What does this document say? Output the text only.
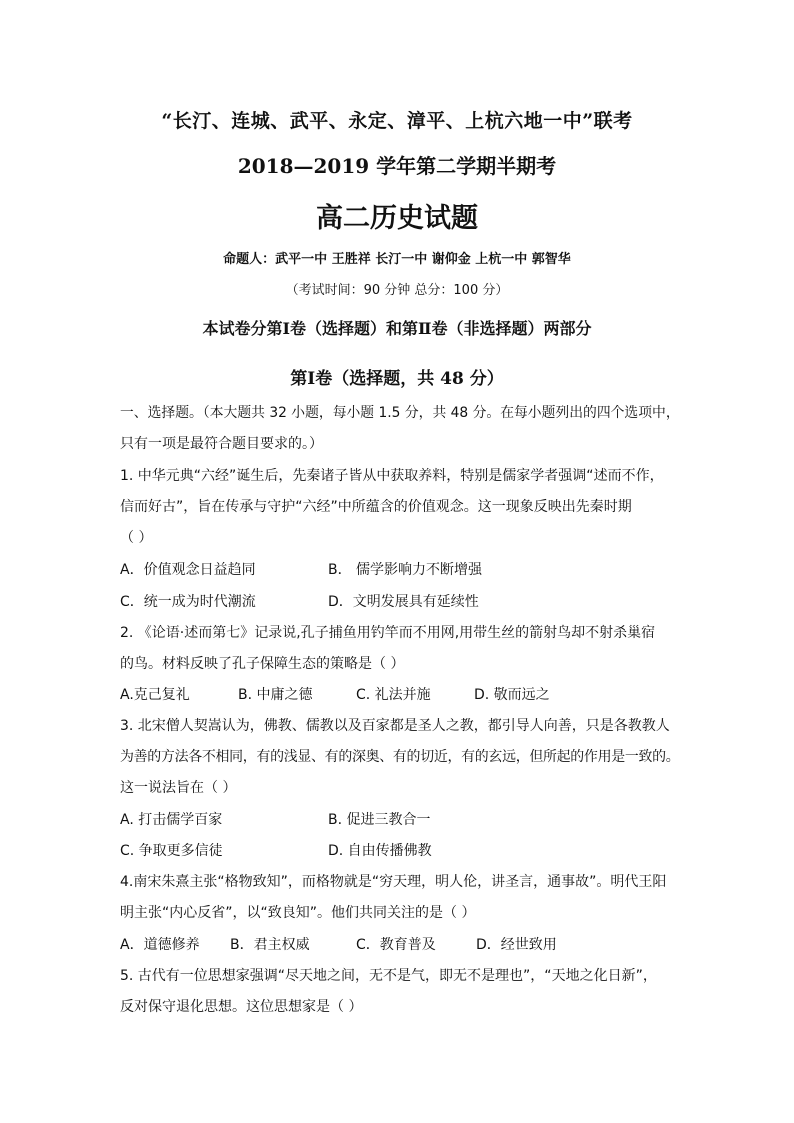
“长汀、连城、武平、永定、漳平、上杭六地一中”联考
2018—2019 学年第二学期半期考
高二历史试题
命题人：武平一中 王胜祥 长汀一中 谢仰金 上杭一中 郭智华
（考试时间：90 分钟 总分：100 分）
本试卷分第Ⅰ卷（选择题）和第Ⅱ卷（非选择题）两部分
第Ⅰ卷（选择题，共 48 分）
一、选择题。（本大题共 32 小题，每小题 1.5 分，共 48 分。在每小题列出的四个选项中，
只有一项是最符合题目要求的。）
1. 中华元典“六经”诞生后，先秦诸子皆从中获取养料，特别是儒家学者强调“述而不作，
信而好古”，旨在传承与守护“六经”中所蕴含的价值观念。这一现象反映出先秦时期
（ ）
A．价值观念日益趋同	B． 儒学影响力不断增强
C．统一成为时代潮流	D．文明发展具有延续性
2. 《论语·述而第七》记录说,孔子捕鱼用钓竿而不用网,用带生丝的箭射鸟却不射杀巢宿
的鸟。材料反映了孔子保障生态的策略是（ ）
A.克己复礼	B. 中庸之德	C. 礼法并施	D. 敬而远之
3. 北宋僧人契嵩认为，佛教、儒教以及百家都是圣人之教，都引导人向善，只是各教教人
为善的方法各不相同，有的浅显、有的深奥、有的切近，有的玄远，但所起的作用是一致的。
这一说法旨在（ ）
A. 打击儒学百家	B. 促进三教合一
C. 争取更多信徒	D. 自由传播佛教
4.南宋朱熹主张“格物致知”，而格物就是“穷天理，明人伦，讲圣言，通事故”。明代王阳
明主张“内心反省”，以“致良知”。他们共同关注的是（ ）
A．道德修养 B．君主权威	C．教育普及	D．经世致用
5. 古代有一位思想家强调“尽天地之间，无不是气，即无不是理也”，“天地之化日新”，
反对保守退化思想。这位思想家是（ ）
